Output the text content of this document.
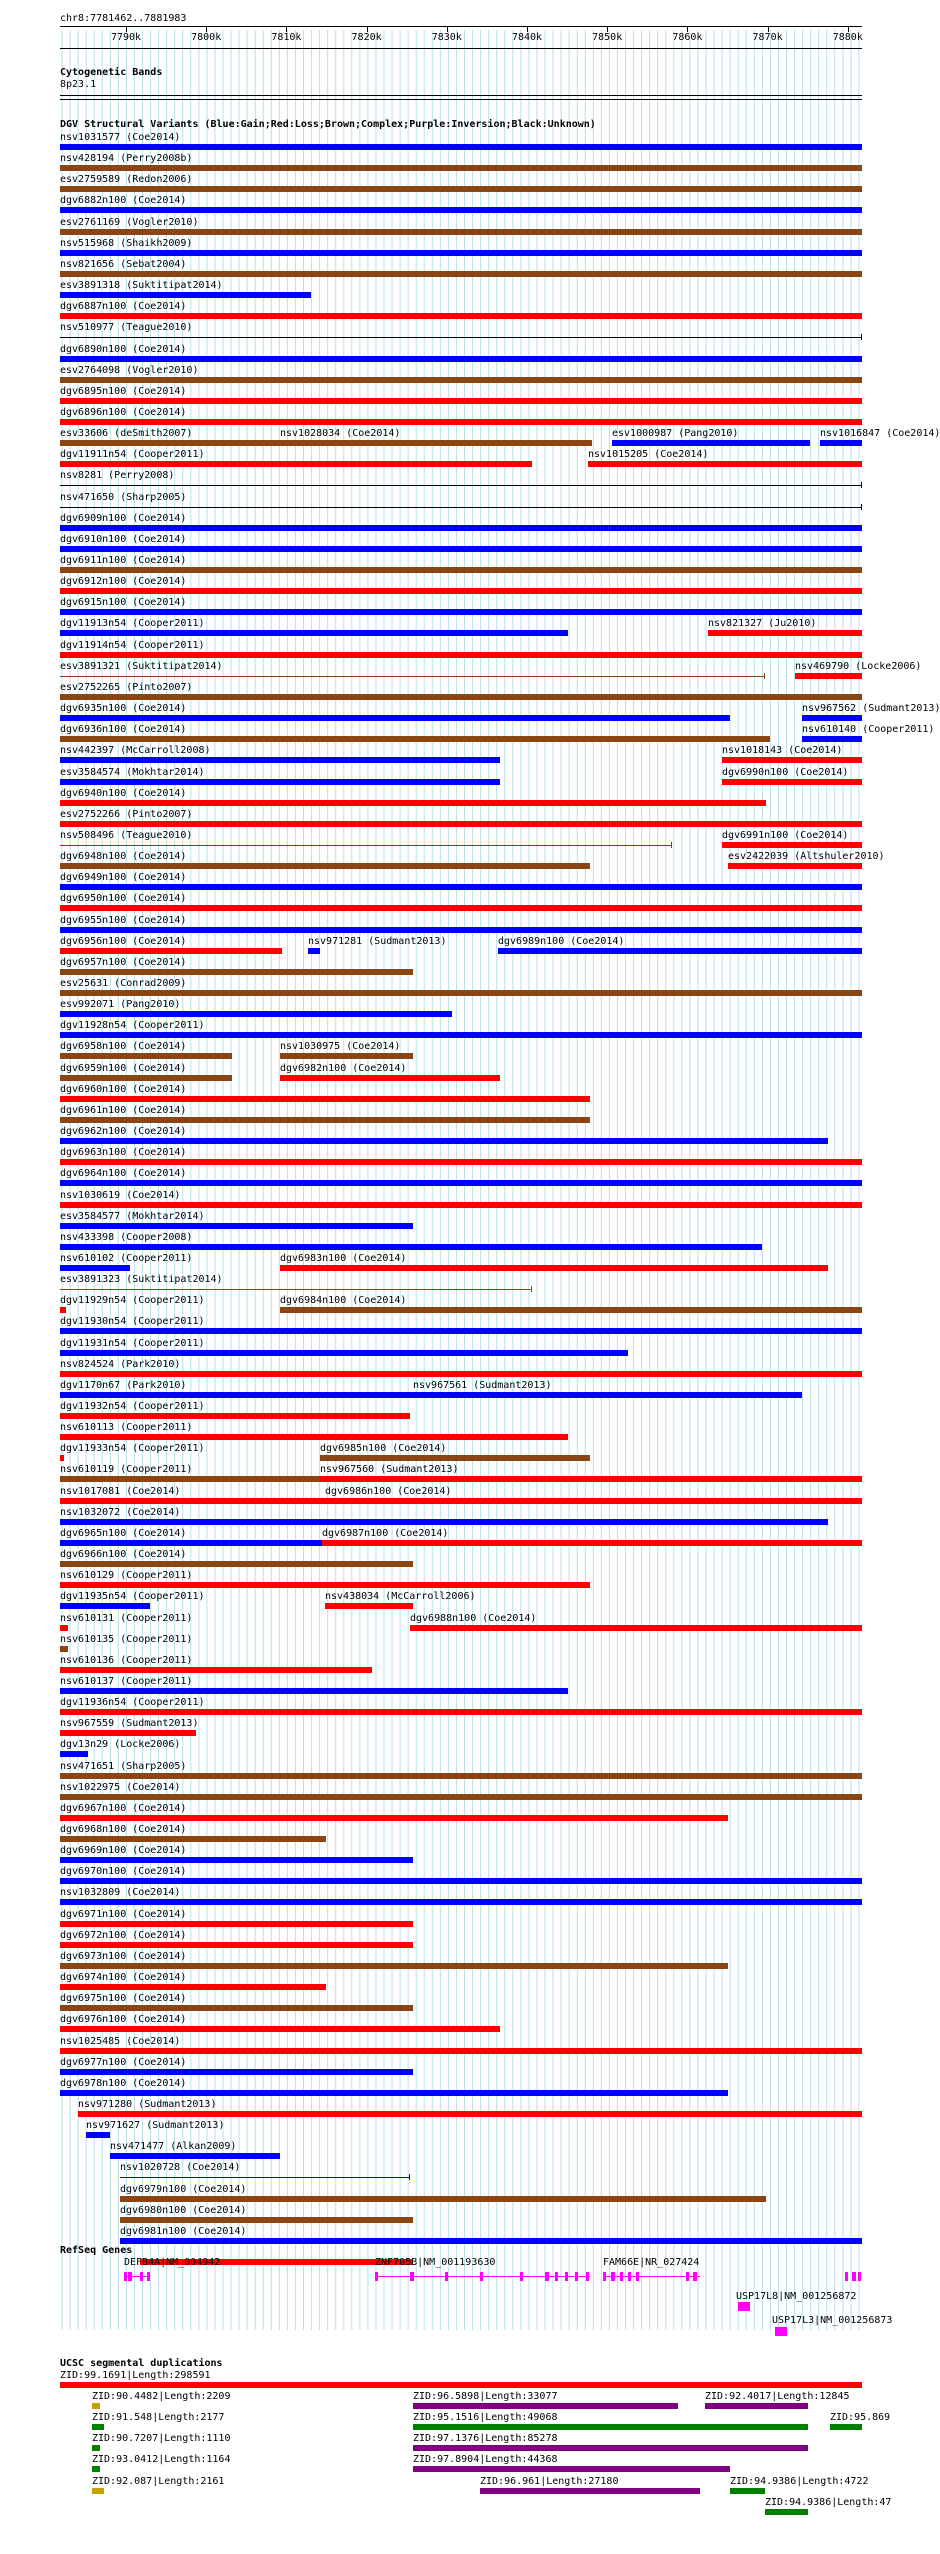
chr8:7781462..7881983
7790k	7800k	7810k	7820k	7830k	7840k	7850k	7860k	7870k	7880k
Cytogenetic Bands
8p23.1
DGV Structural Variants (Blue:Gain;Red:Loss;Brown;Complex;Purple:Inversion;Black:Unknown)
nsv1031577 (Coe2014)
nsv428194 (Perry2008b)
esv2759589 (Redon2006)
dgv6882n100 (Coe2014)
esv2761169 (Vogler2010)
nsv515968 (Shaikh2009)
nsv821656 (Sebat2004)
esv3891318 (Suktitipat2014)
dgv6887n100 (Coe2014)
nsv510977 (Teague2010)
dgv6890n100 (Coe2014)
esv2764098 (Vogler2010)
dgv6895n100 (Coe2014)
dgv6896n100 (Coe2014)
esv33606 (deSmith2007)	nsv1028034 (Coe2014)	esv1000987 (Pang2010)	nsv1016847 (Coe2014)
dgv11911n54 (Cooper2011)	nsv1015205 (Coe2014)
nsv8281 (Perry2008)
nsv471650 (Sharp2005)
dgv6909n100 (Coe2014)
dgv6910n100 (Coe2014)
dgv6911n100 (Coe2014)
dgv6912n100 (Coe2014)
dgv6915n100 (Coe2014)
dgv11913n54 (Cooper2011)	nsv821327 (Ju2010)
dgv11914n54 (Cooper2011)
esv3891321 (Suktitipat2014)	nsv469790 (Locke2006)
esv2752265 (Pinto2007)
dgv6935n100 (Coe2014)	nsv967562 (Sudmant2013)
dgv6936n100 (Coe2014)	nsv610140 (Cooper2011)
nsv442397 (McCarroll2008)	nsv1018143 (Coe2014)
esv3584574 (Mokhtar2014)	dgv6990n100 (Coe2014)
dgv6940n100 (Coe2014)
esv2752266 (Pinto2007)
nsv508496 (Teague2010)	dgv6991n100 (Coe2014)
dgv6948n100 (Coe2014)	esv2422039 (Altshuler2010)
dgv6949n100 (Coe2014)
dgv6950n100 (Coe2014)
dgv6955n100 (Coe2014)
dgv6956n100 (Coe2014)	nsv971281 (Sudmant2013)	dgv6989n100 (Coe2014)
dgv6957n100 (Coe2014)
esv25631 (Conrad2009)
esv992071 (Pang2010)
dgv11928n54 (Cooper2011)
dgv6958n100 (Coe2014)	nsv1030975 (Coe2014)
dgv6959n100 (Coe2014)	dgv6982n100 (Coe2014)
dgv6960n100 (Coe2014)
dgv6961n100 (Coe2014)
dgv6962n100 (Coe2014)
dgv6963n100 (Coe2014)
dgv6964n100 (Coe2014)
nsv1030619 (Coe2014)
esv3584577 (Mokhtar2014)
nsv433398 (Cooper2008)
nsv610102 (Cooper2011)	dgv6983n100 (Coe2014)
esv3891323 (Suktitipat2014)
dgv11929n54 (Cooper2011)	dgv6984n100 (Coe2014)
dgv11930n54 (Cooper2011)
dgv11931n54 (Cooper2011)
nsv824524 (Park2010)
dgv1170n67 (Park2010)	nsv967561 (Sudmant2013)
dgv11932n54 (Cooper2011)
nsv610113 (Cooper2011)
dgv11933n54 (Cooper2011)	dgv6985n100 (Coe2014)
nsv610119 (Cooper2011)	nsv967560 (Sudmant2013)
nsv1017081 (Coe2014)	dgv6986n100 (Coe2014)
nsv1032072 (Coe2014)
dgv6965n100 (Coe2014)	dgv6987n100 (Coe2014)
dgv6966n100 (Coe2014)
nsv610129 (Cooper2011)
dgv11935n54 (Cooper2011)	nsv438034 (McCarroll2006)
nsv610131 (Cooper2011)	dgv6988n100 (Coe2014)
nsv610135 (Cooper2011)
nsv610136 (Cooper2011)
nsv610137 (Cooper2011)
dgv11936n54 (Cooper2011)
nsv967559 (Sudmant2013)
dgv13n29 (Locke2006)
nsv471651 (Sharp2005)
nsv1022975 (Coe2014)
dgv6967n100 (Coe2014)
dgv6968n100 (Coe2014)
dgv6969n100 (Coe2014)
dgv6970n100 (Coe2014)
nsv1032809 (Coe2014)
dgv6971n100 (Coe2014)
dgv6972n100 (Coe2014)
dgv6973n100 (Coe2014)
dgv6974n100 (Coe2014)
dgv6975n100 (Coe2014)
dgv6976n100 (Coe2014)
nsv1025485 (Coe2014)
dgv6977n100 (Coe2014)
dgv6978n100 (Coe2014)
nsv971280 (Sudmant2013)
nsv971627 (Sudmant2013)
nsv471477 (Alkan2009)
nsv1020728 (Coe2014)
dgv6979n100 (Coe2014)
dgv6980n100 (Coe2014)
dgv6981n100 (Coe2014)
RefSeq Genes
DEFB4A|NM_004942	ZNF705B|NM_001193630	FAM66E|NR_027424
USP17L8|NM_001256872
USP17L3|NM_001256873
UCSC segmental duplications
ZID:99.1691|Length:298591
ZID:90.4482|Length:2209	ZID:96.5898|Length:33077	ZID:92.4017|Length:12845
ZID:91.548|Length:2177	ZID:95.1516|Length:49068	ZID:95.869
ZID:90.7207|Length:1110	ZID:97.1376|Length:85278
ZID:93.0412|Length:1164	ZID:97.8904|Length:44368
ZID:92.087|Length:2161	ZID:96.961|Length:27180	ZID:94.9386|Length:4722
ZID:94.9386|Length:47
